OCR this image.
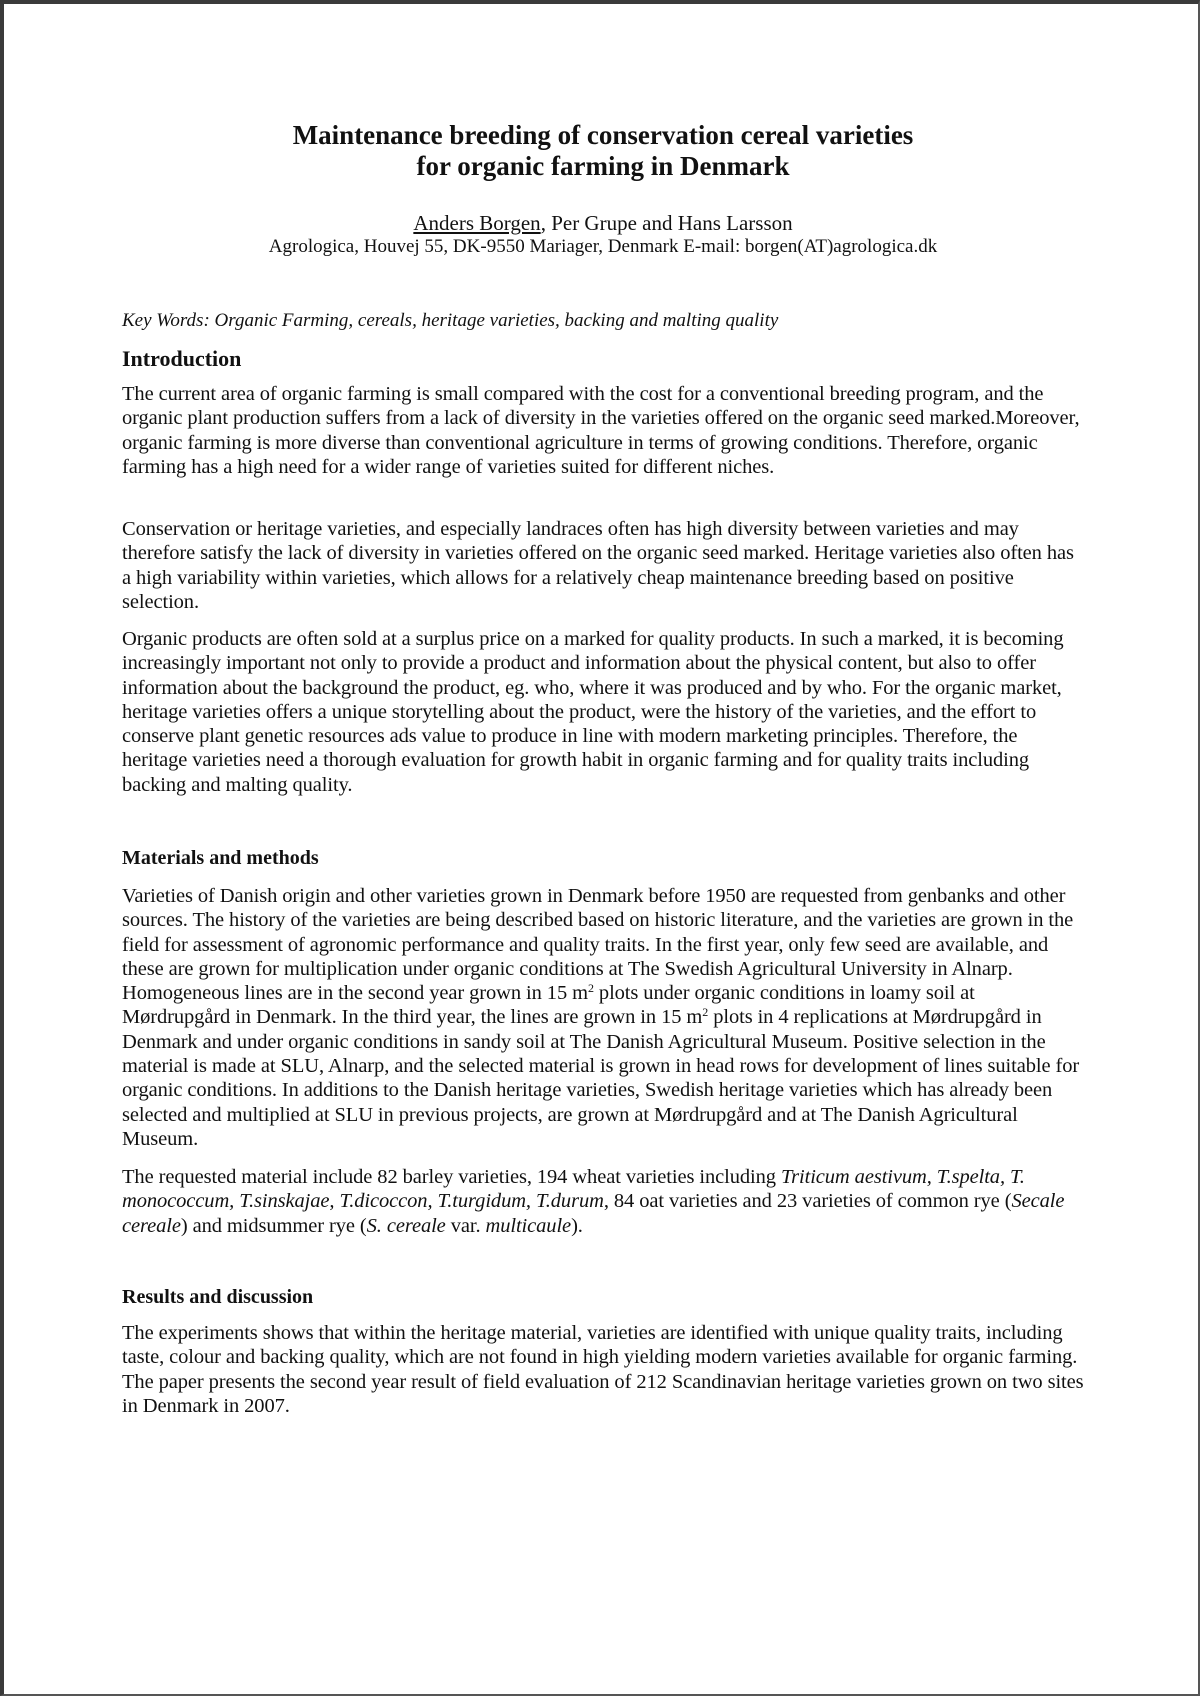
Maintenance breeding of conservation cereal varieties
for organic farming in Denmark

Anders Borgen, Per Grupe and Hans Larsson

Agrologica, Houvej 55, DK-9550 Mariager, Denmark E-mail: borgen(AT)agrologica.dk

Key Words: Organic Farming, cereals, heritage varieties, backing and malting quality

Introduction

The current area of organic farming is small compared with the cost for a conventional breeding program, and the organic plant production suffers from a lack of diversity in the varieties offered on the organic seed marked.Moreover, organic farming is more diverse than conventional agriculture in terms of growing conditions. Therefore, organic farming has a high need for a wider range of varieties suited for different niches.

Conservation or heritage varieties, and especially landraces often has high diversity between varieties and may therefore satisfy the lack of diversity in varieties offered on the organic seed marked. Heritage varieties also often has a high variability within varieties, which allows for a relatively cheap maintenance breeding based on positive selection.

Organic products are often sold at a surplus price on a marked for quality products. In such a marked, it is becoming increasingly important not only to provide a product and information about the physical content, but also to offer information about the background the product, eg. who, where it was produced and by who. For the organic market, heritage varieties offers a unique storytelling about the product, were the history of the varieties, and the effort to conserve plant genetic resources ads value to produce in line with modern marketing principles. Therefore, the heritage varieties need a thorough evaluation for growth habit in organic farming and for quality traits including backing and malting quality.

Materials and methods

Varieties of Danish origin and other varieties grown in Denmark before 1950 are requested from genbanks and other sources. The history of the varieties are being described based on historic literature, and the varieties are grown in the field for assessment of agronomic performance and quality traits. In the first year, only few seed are available, and these are grown for multiplication under organic conditions at The Swedish Agricultural University in Alnarp. Homogeneous lines are in the second year grown in 15 $m^2$ plots under organic conditions in loamy soil at Mørdrupgård in Denmark. In the third year, the lines are grown in 15 $m^2$ plots in 4 replications at Mørdrupgård in Denmark and under organic conditions in sandy soil at The Danish Agricultural Museum. Positive selection in the material is made at SLU, Alnarp, and the selected material is grown in head rows for development of lines suitable for organic conditions. In additions to the Danish heritage varieties, Swedish heritage varieties which has already been selected and multiplied at SLU in previous projects, are grown at Mørdrupgård and at The Danish Agricultural Museum.

The requested material include 82 barley varieties, 194 wheat varieties including Triticum aestivum, T.spelta, T. monococcum, T.sinskajae, T.dicoccon, T.turgidum, T.durum, 84 oat varieties and 23 varieties of common rye (Secale cereale) and midsummer rye (S. cereale var. multicaule).

Results and discussion

The experiments shows that within the heritage material, varieties are identified with unique quality traits, including taste, colour and backing quality, which are not found in high yielding modern varieties available for organic farming. The paper presents the second year result of field evaluation of 212 Scandinavian heritage varieties grown on two sites in Denmark in 2007.
